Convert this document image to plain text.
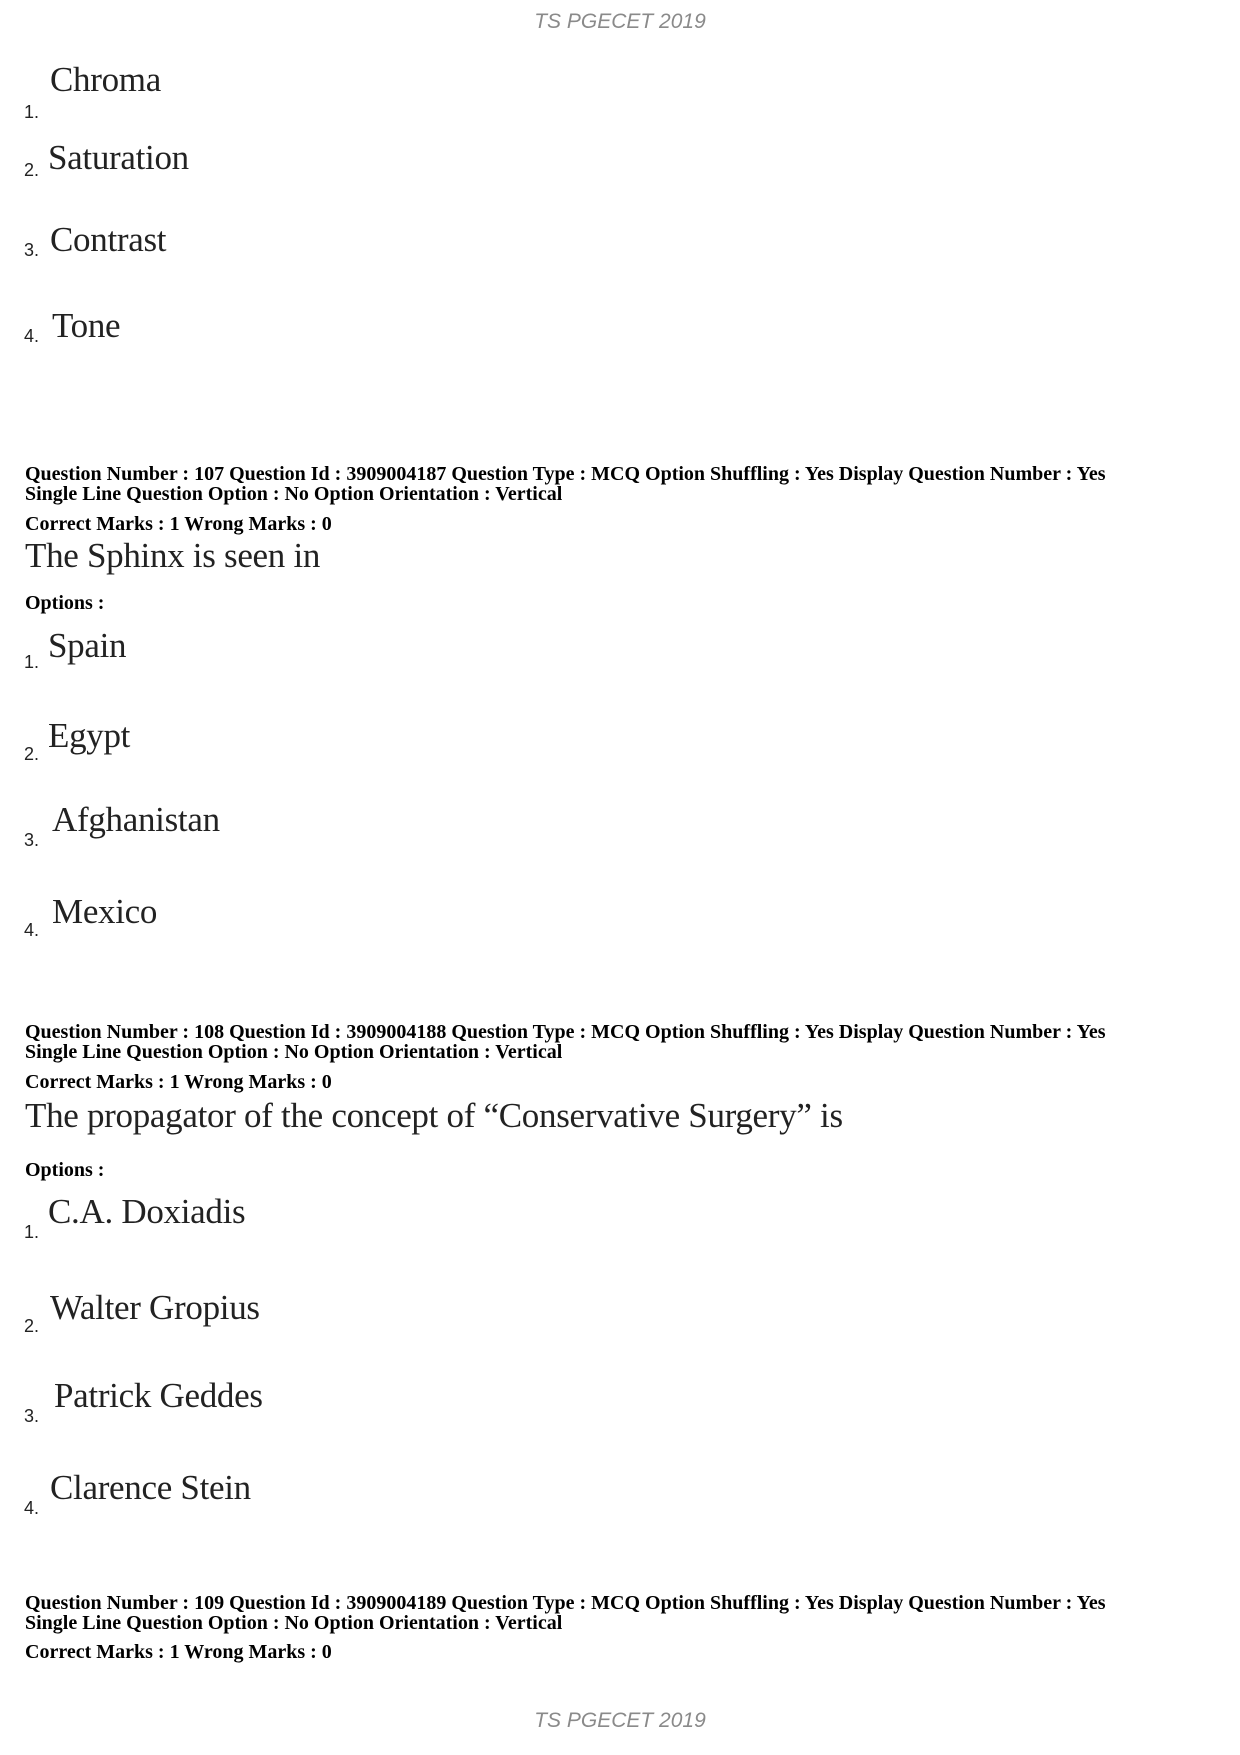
TS PGECET 2019
1.
Chroma
2. Saturation
3. Contrast
4. Tone
Question Number : 107 Question Id : 3909004187 Question Type : MCQ Option Shuffling : Yes Display Question Number : Yes
Single Line Question Option : No Option Orientation : Vertical
Correct Marks : 1 Wrong Marks : 0
The Sphinx is seen in
Options :
1. Spain
2. Egypt
3.
Afghanistan
4. Mexico
Question Number : 108 Question Id : 3909004188 Question Type : MCQ Option Shuffling : Yes Display Question Number : Yes
Single Line Question Option : No Option Orientation : Vertical
Correct Marks : 1 Wrong Marks : 0
The propagator of the concept of “Conservative Surgery” is
Options :
1.
C.A. Doxiadis
2. Walter Gropius
3.
Patrick Geddes
4.
Clarence Stein
Question Number : 109 Question Id : 3909004189 Question Type : MCQ Option Shuffling : Yes Display Question Number : Yes
Single Line Question Option : No Option Orientation : Vertical
Correct Marks : 1 Wrong Marks : 0
TS PGECET 2019
